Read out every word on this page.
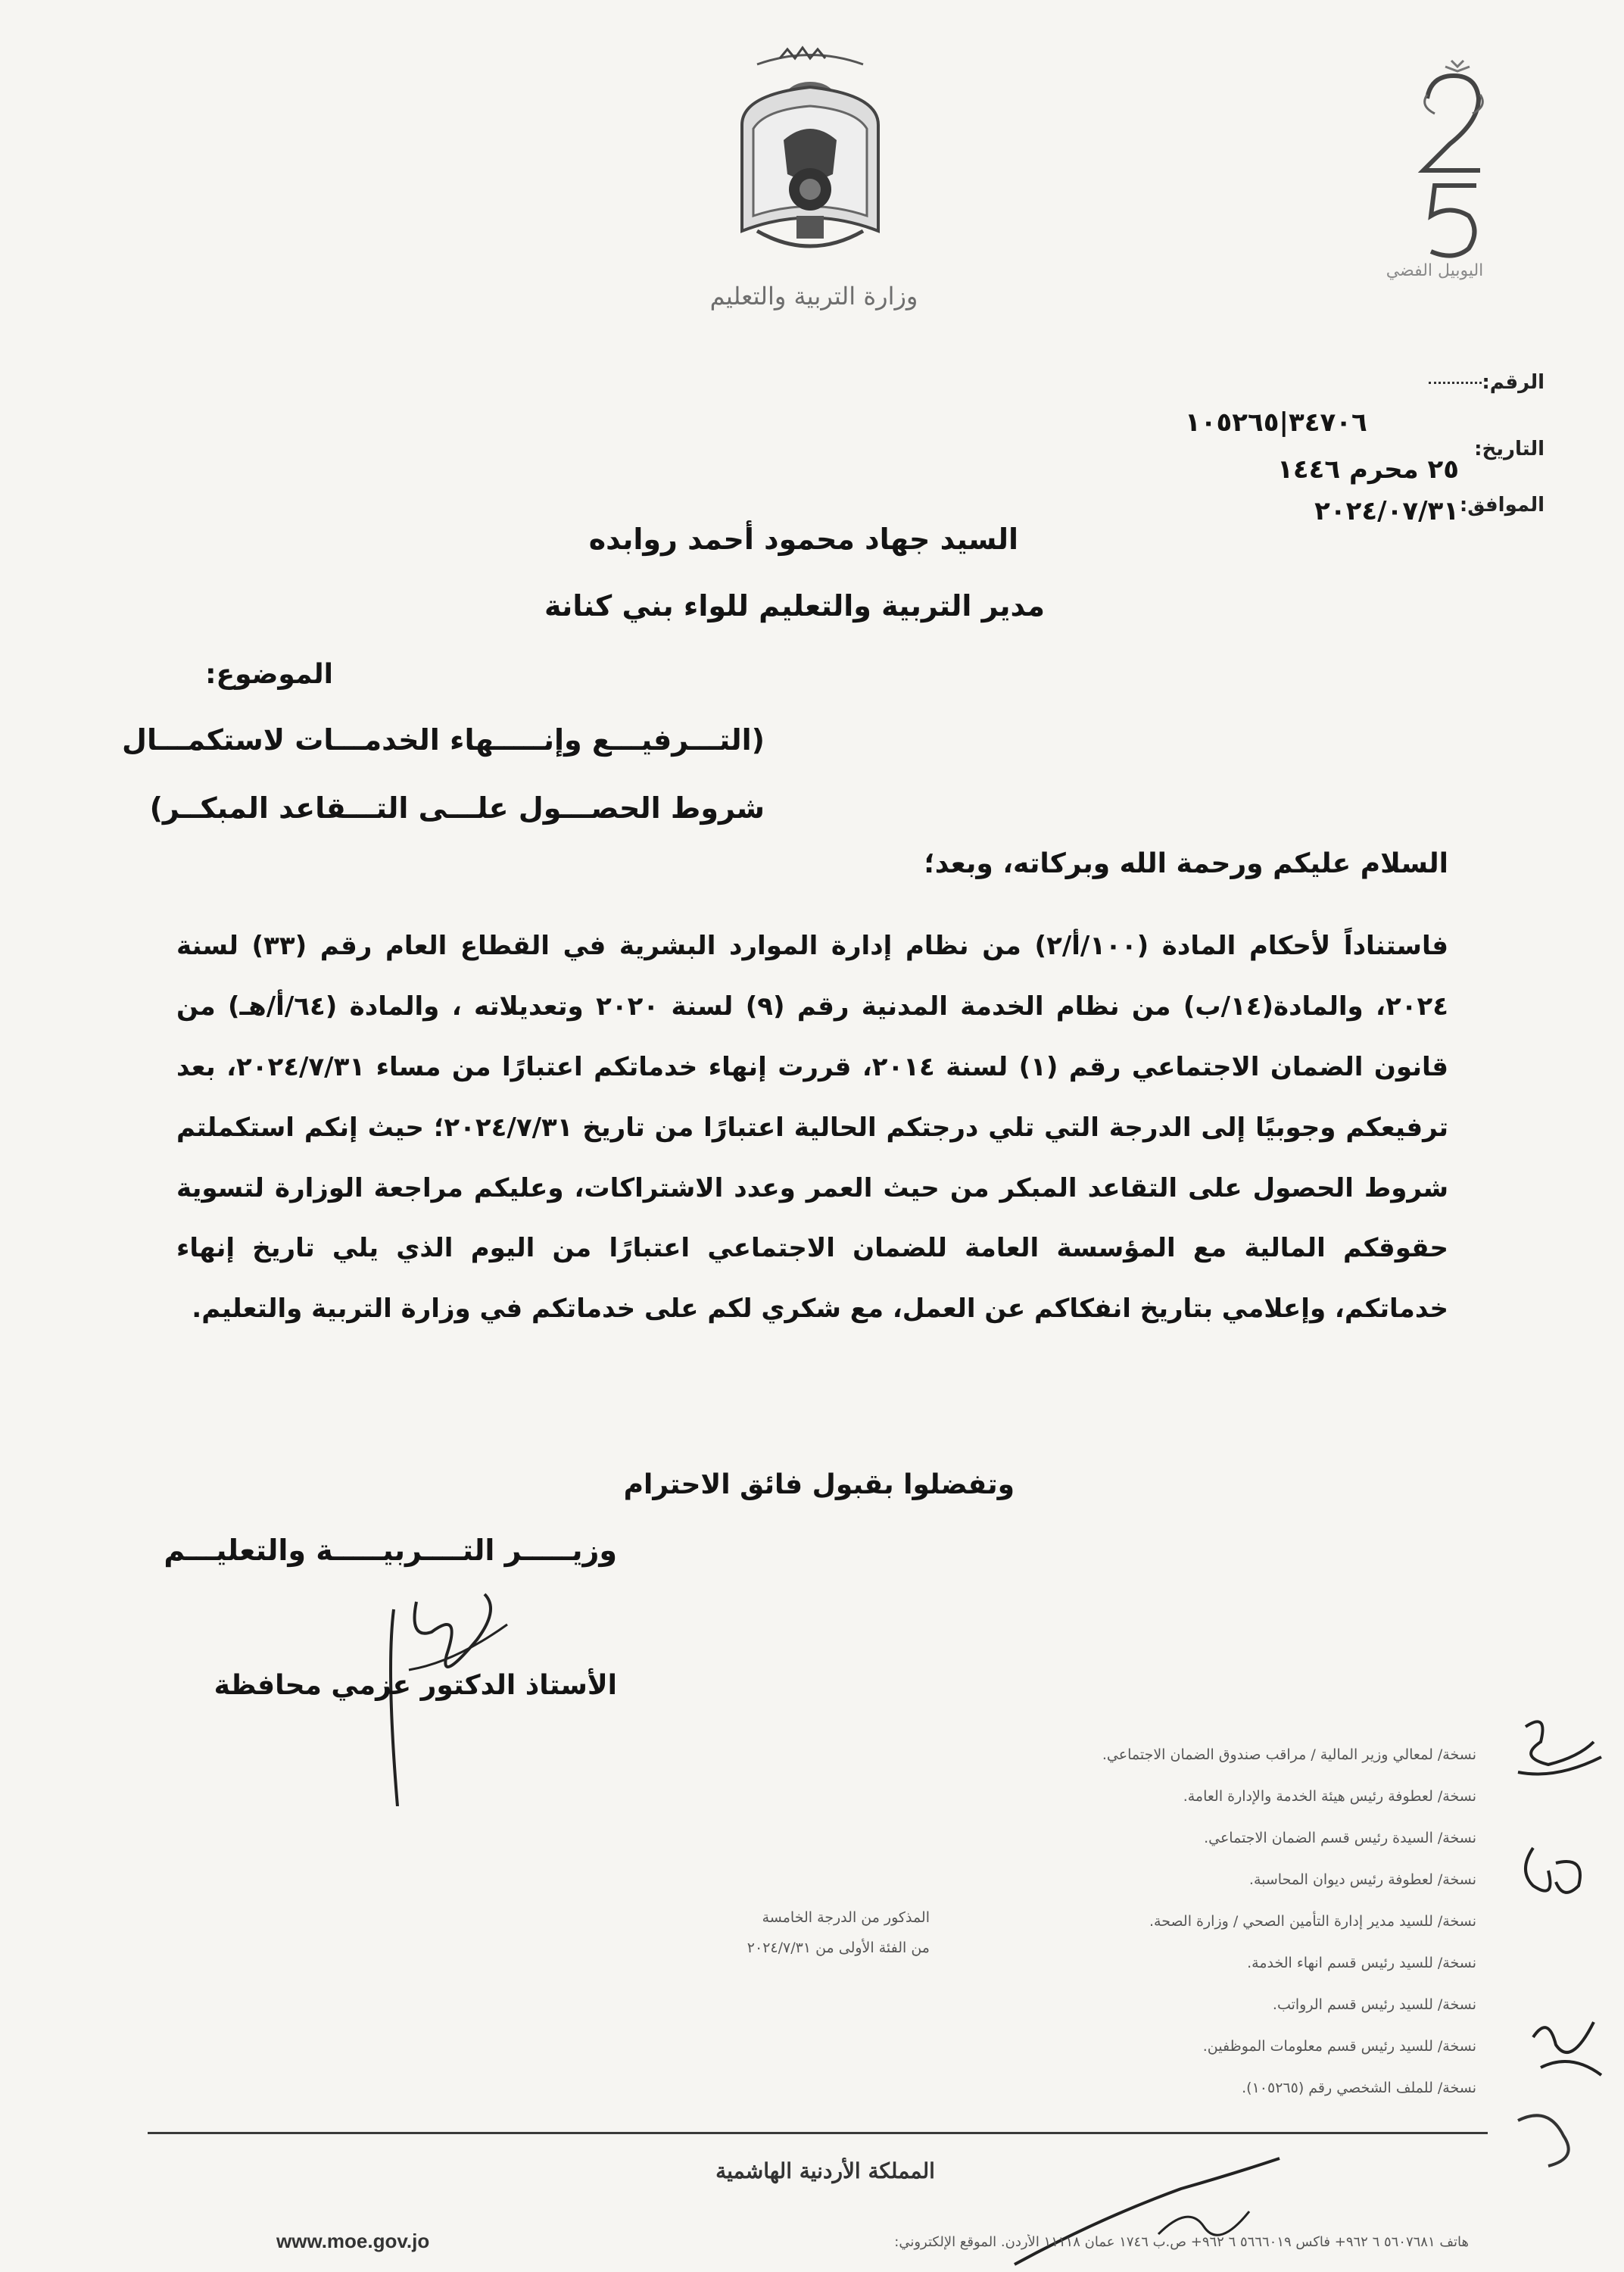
وزارة التربية والتعليم
اليوبيل الفضي
الرقم:
٣٤٧٠٦|١٠٥٢٦٥
التاريخ:
٢٥ محرم ١٤٤٦
الموافق:
٢٠٢٤/٠٧/٣١
السيد جهاد محمود أحمد روابده
مدير التربية والتعليم للواء بني كنانة
الموضوع:
(التـــرفيـــع وإنـــــهاء الخدمـــات لاستكمـــال
شروط الحصـــول علـــى التـــقاعد المبكــر)
السلام عليكم ورحمة الله وبركاته، وبعد؛
فاستناداً لأحكام المادة (١٠٠/أ/٢) من نظام إدارة الموارد البشرية في القطاع العام رقم (٣٣) لسنة ٢٠٢٤، والمادة(١٤/ب) من نظام الخدمة المدنية رقم (٩) لسنة ٢٠٢٠ وتعديلاته ، والمادة (٦٤/أ/هـ) من قانون الضمان الاجتماعي رقم (١) لسنة ٢٠١٤، قررت إنهاء خدماتكم اعتبارًا من مساء ٢٠٢٤/٧/٣١، بعد ترفيعكم وجوبيًا إلى الدرجة التي تلي درجتكم الحالية اعتبارًا من تاريخ ٢٠٢٤/٧/٣١؛ حيث إنكم استكملتم شروط الحصول على التقاعد المبكر من حيث العمر وعدد الاشتراكات، وعليكم مراجعة الوزارة لتسوية حقوقكم المالية مع المؤسسة العامة للضمان الاجتماعي اعتبارًا من اليوم الذي يلي تاريخ إنهاء خدماتكم، وإعلامي بتاريخ انفكاكم عن العمل، مع شكري لكم على خدماتكم في وزارة التربية والتعليم.
وتفضلوا بقبول فائق الاحترام
وزيـــــر التــــربيـــــة والتعليـــم
الأستاذ الدكتور عزمي محافظة
نسخة/ لمعالي وزير المالية / مراقب صندوق الضمان الاجتماعي.
نسخة/ لعطوفة رئيس هيئة الخدمة والإدارة العامة.
نسخة/ السيدة رئيس قسم الضمان الاجتماعي.
نسخة/ لعطوفة رئيس ديوان المحاسبة.
نسخة/ للسيد مدير إدارة التأمين الصحي / وزارة الصحة.
نسخة/ للسيد رئيس قسم انهاء الخدمة.
نسخة/ للسيد رئيس قسم الرواتب.
نسخة/ للسيد رئيس قسم معلومات الموظفين.
نسخة/ للملف الشخصي رقم (١٠٥٢٦٥).
المذكور من الدرجة الخامسة
من الفئة الأولى من ٢٠٢٤/٧/٣١
المملكة الأردنية الهاشمية
هاتف ٥٦٠٧٦٨١ ٦ ٩٦٢+ فاكس ٥٦٦٦٠١٩ ٦ ٩٦٢+ ص.ب ١٧٤٦ عمان ١١١١٨ الأردن. الموقع الإلكتروني:
www.moe.gov.jo
